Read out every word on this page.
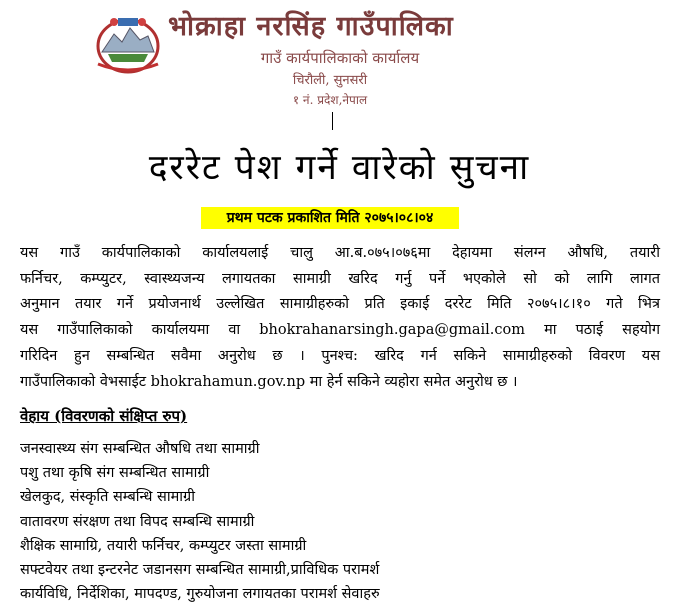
भोक्राहा नरसिंह गाउँपालिका
गाउँ कार्यपालिकाको कार्यालय
चिरौली, सुनसरी
१ नं. प्रदेश,नेपाल
दररेट पेश गर्ने वारेको सुचना
प्रथम पटक प्रकाशित मिति २०७५।०८।०४
यस गाउँ कार्यपालिकाको कार्यालयलाई चालु आ.ब.०७५।०७६मा देहायमा संलग्न औषधि, तयारी
फर्निचर, कम्प्युटर, स्वास्थ्यजन्य लगायतका सामाग्री खरिद गर्नु पर्ने भएकोले सो को लागि लागत
अनुमान तयार गर्ने प्रयोजनार्थ उल्लेखित सामाग्रीहरुको प्रति इकाई दररेट मिति २०७५।८।१० गते भित्र
यस गाउँपालिकाको कार्यालयमा वा bhokrahanarsingh.gapa@gmail.com मा पठाई सहयोग
गरिदिन हुन सम्बन्धित सवैमा अनुरोध छ । पुनश्च: खरिद गर्न सकिने सामाग्रीहरुको विवरण यस
गाउँपालिकाको वेभसाईट bhokrahamun.gov.np मा हेर्न सकिने व्यहोरा समेत अनुरोध छ ।
वेहाय (विवरणको संक्षिप्त रुप)
जनस्वास्थ्य संग सम्बन्धित औषधि तथा सामाग्री
पशु तथा कृषि संग सम्बन्धित सामाग्री
खेलकुद, संस्कृति सम्बन्धि सामाग्री
वातावरण संरक्षण तथा विपद सम्बन्धि सामाग्री
शैक्षिक सामाग्रि, तयारी फर्निचर, कम्प्युटर जस्ता सामाग्री
सफ्टवेयर तथा इन्टरनेट जडानसग सम्बन्धित सामाग्री,प्राविधिक परामर्श
कार्यविधि, निर्देशिका, मापदण्ड, गुरुयोजना लगायतका परामर्श सेवाहरु
